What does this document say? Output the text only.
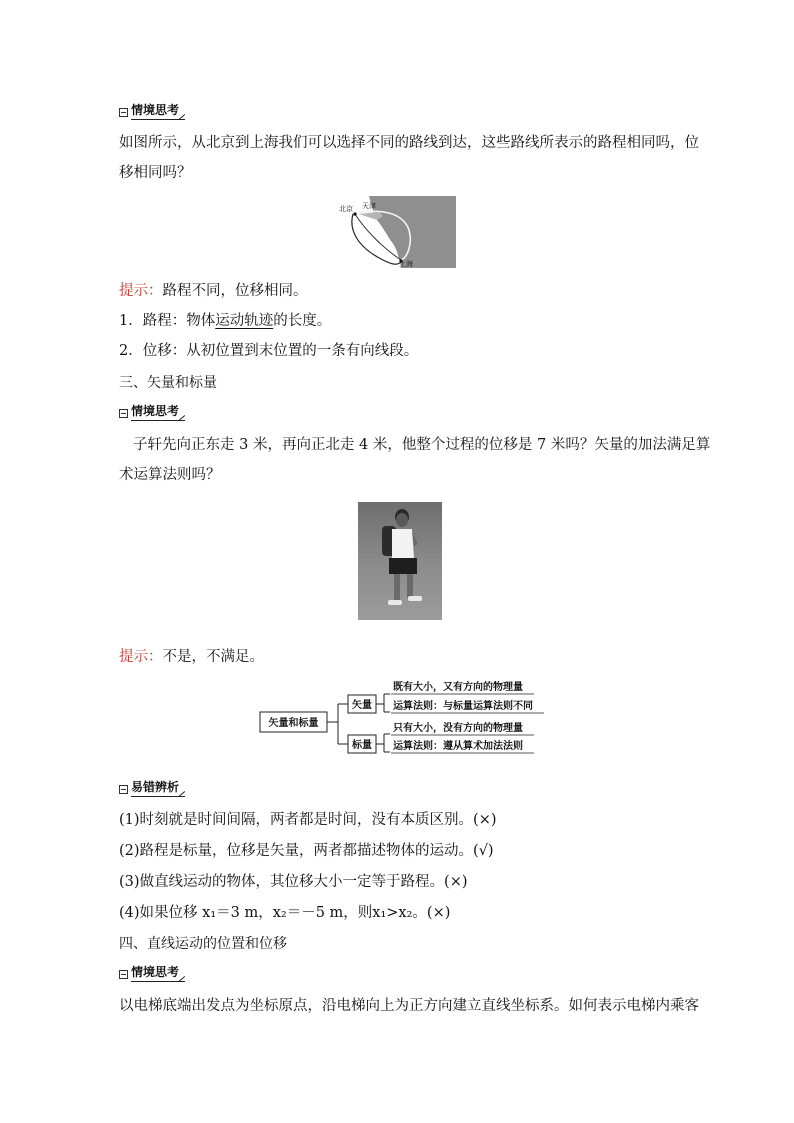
情境思考
如图所示，从北京到上海我们可以选择不同的路线到达，这些路线所表示的路程相同吗，位
移相同吗？
北京 天津
上海
提示：路程不同，位移相同。
1．路程：物体运动轨迹的长度。
2．位移：从初位置到末位置的一条有向线段。
三、矢量和标量
情境思考
子轩先向正东走 3 米，再向正北走 4 米，他整个过程的位移是 7 米吗？矢量的加法满足算
术运算法则吗？
提示：不是，不满足。
矢量和标量
矢量
标量
既有大小，又有方向的物理量
运算法则：与标量运算法则不同
只有大小，没有方向的物理量
运算法则：遵从算术加法法则
易错辨析
(1)时刻就是时间间隔，两者都是时间，没有本质区别。(×)
(2)路程是标量，位移是矢量，两者都描述物体的运动。(√)
(3)做直线运动的物体，其位移大小一定等于路程。(×)
(4)如果位移 x₁＝3 m，x₂＝－5 m，则x₁>x₂。(×)
四、直线运动的位置和位移
情境思考
以电梯底端出发点为坐标原点，沿电梯向上为正方向建立直线坐标系。如何表示电梯内乘客
